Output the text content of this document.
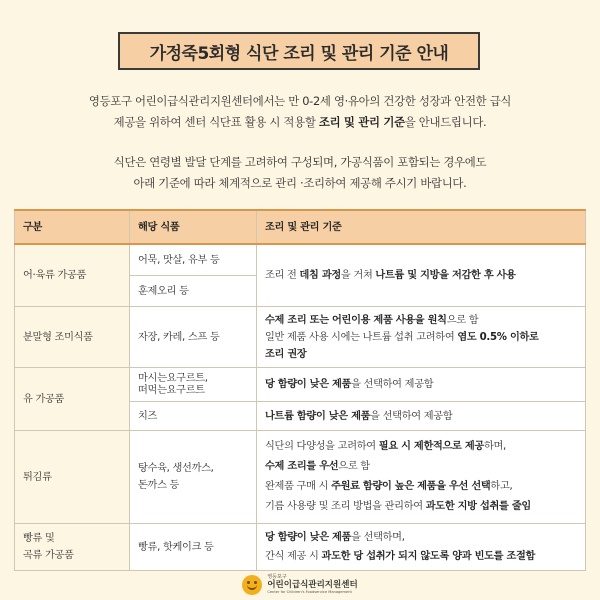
가정죽5회형 식단 조리 및 관리 기준 안내
영등포구 어린이급식관리지원센터에서는 만 0-2세 영·유아의 건강한 성장과 안전한 급식
제공을 위하여 센터 식단표 활용 시 적용할 조리 및 관리 기준을 안내드립니다.
식단은 연령별 발달 단계를 고려하여 구성되며, 가공식품이 포함되는 경우에도
아래 기준에 따라 체계적으로 관리 ·조리하여 제공해 주시기 바랍니다.
구분	해당 식품	조리 및 관리 기준
어·육류 가공품	어묵, 맛살, 유부 등	조리 전 데침 과정을 거쳐 나트륨 및 지방을 저감한 후 사용
	훈제오리 등	
분말형 조미식품	자장, 카레, 스프 등	수제 조리 또는 어린이용 제품 사용을 원칙으로 함
일반 제품 사용 시에는 나트륨 섭취 고려하여 염도 0.5% 이하로
조리 권장
유 가공품	마시는요구르트,
떠먹는요구르트	당 함량이 낮은 제품을 선택하여 제공함
	치즈	나트륨 함량이 낮은 제품을 선택하여 제공함
튀김류	탕수육, 생선까스,
돈까스 등	식단의 다양성을 고려하여 필요 시 제한적으로 제공하며,
수제 조리를 우선으로 함
완제품 구매 시 주원료 함량이 높은 제품을 우선 선택하고,
기름 사용량 및 조리 방법을 관리하여 과도한 지방 섭취를 줄임
빵류 및
곡류 가공품	빵류, 핫케이크 등	당 함량이 낮은 제품을 선택하며,
간식 제공 시 과도한 당 섭취가 되지 않도록 양과 빈도를 조절함
영등포구
어린이급식관리지원센터
Center for Children's Foodservice Management
